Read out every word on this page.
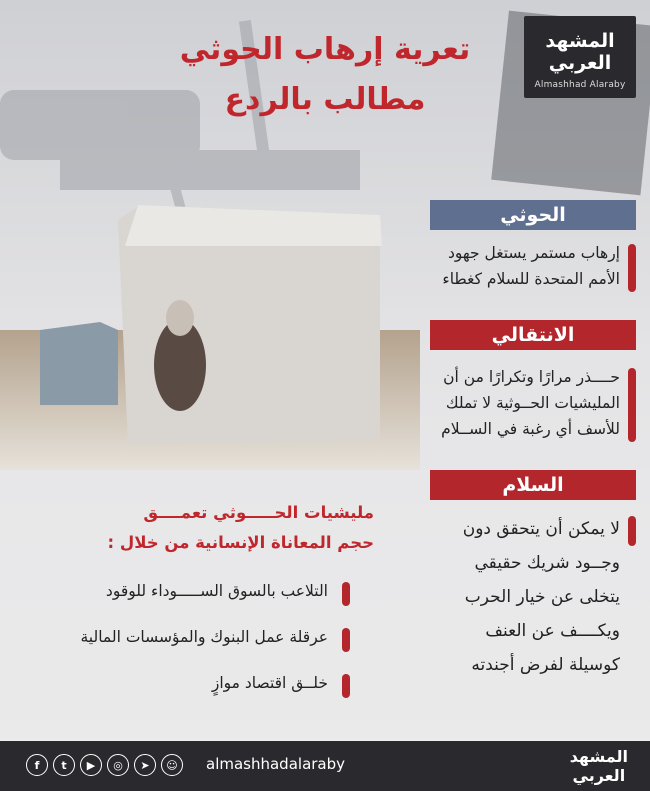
المشهد
العربي
Almashhad Alaraby
تعرية إرهاب الحوثي
مطالب بالردع
الحوثي
إرهاب مستمر يستغل جهود
الأمم المتحدة للسلام كغطاء
الانتقالي
حــــذر مرارًا وتكرارًا من أن
المليشيات الحــوثية لا تملك
للأسف أي رغبة في الســلام
السلام
لا يمكن أن يتحقق دون
وجــود شريك حقيقي
يتخلى عن خيار الحرب
ويكــــف عن العنف
كوسيلة لفرض أجندته
مليشيات الحـــــوثي تعمــــق
حجم المعاناة الإنسانية من خلال :
التلاعب بالسوق الســـــوداء للوقود
عرقلة عمل البنوك والمؤسسات المالية
خلــق اقتصاد موازٍ
f	t	▶	◎	➤	☺	almashhadalaraby	المشهد
العربي
